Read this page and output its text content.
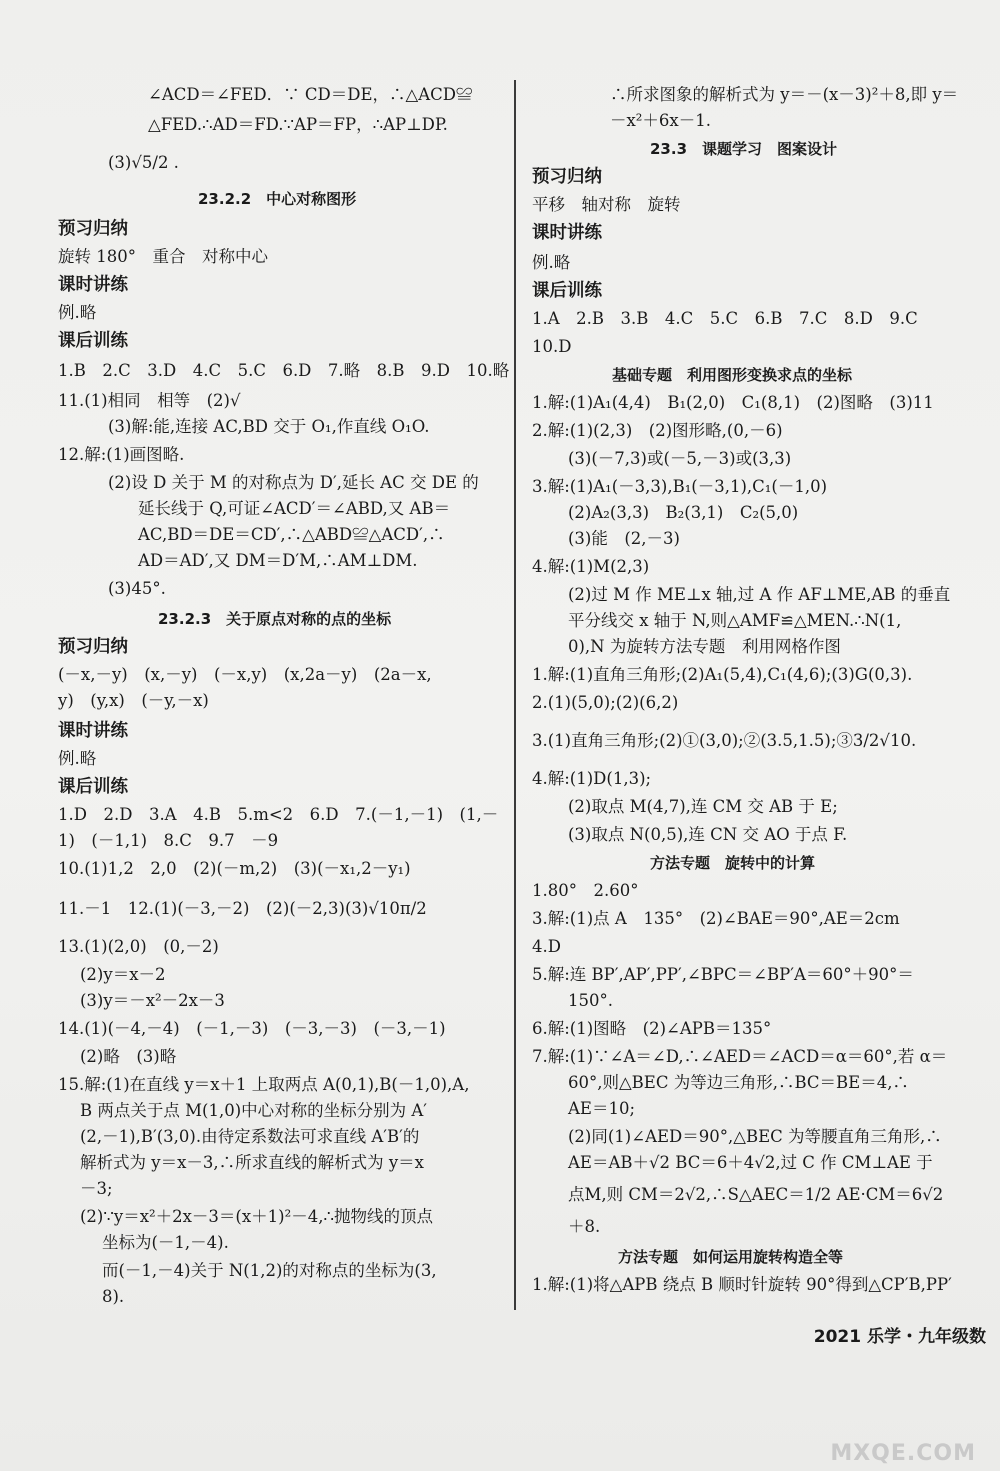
∠ACD＝∠FED．∵ CD＝DE，∴△ACD≌
△FED.∴AD＝FD.∵AP＝FP，∴AP⊥DP.
(3)√5/2 .
23.2.2　中心对称图形
预习归纳
旋转 180°　重合　对称中心
课时讲练
例.略
课后训练
1.B　2.C　3.D　4.C　5.C　6.D　7.略　8.B　9.D　10.略
11.(1)相同　相等　(2)√
(3)解:能,连接 AC,BD 交于 O₁,作直线 O₁O.
12.解:(1)画图略.
(2)设 D 关于 M 的对称点为 D′,延长 AC 交 DE 的
延长线于 Q,可证∠ACD′＝∠ABD,又 AB＝
AC,BD＝DE＝CD′,∴△ABD≌△ACD′,∴
AD＝AD′,又 DM＝D′M,∴AM⊥DM.
(3)45°.
23.2.3　关于原点对称的点的坐标
预习归纳
(－x,－y)　(x,－y)　(－x,y)　(x,2a－y)　(2a－x,
y)　(y,x)　(－y,－x)
课时讲练
例.略
课后训练
1.D　2.D　3.A　4.B　5.m<2　6.D　7.(－1,－1)　(1,－
1)　(－1,1)　8.C　9.7　－9
10.(1)1,2　2,0　(2)(－m,2)　(3)(－x₁,2－y₁)
11.－1　12.(1)(－3,－2)　(2)(－2,3)(3)√10π/2
13.(1)(2,0)　(0,－2)
(2)y＝x－2
(3)y＝－x²－2x－3
14.(1)(－4,－4)　(－1,－3)　(－3,－3)　(－3,－1)
(2)略　(3)略
15.解:(1)在直线 y＝x＋1 上取两点 A(0,1),B(－1,0),A,
B 两点关于点 M(1,0)中心对称的坐标分别为 A′
(2,－1),B′(3,0).由待定系数法可求直线 A′B′的
解析式为 y＝x－3,∴所求直线的解析式为 y＝x
－3;
(2)∵y＝x²＋2x－3＝(x＋1)²－4,∴抛物线的顶点
坐标为(－1,－4).
而(－1,－4)关于 N(1,2)的对称点的坐标为(3,
8).
∴所求图象的解析式为 y＝－(x－3)²＋8,即 y＝
－x²＋6x－1.
23.3　课题学习　图案设计
预习归纳
平移　轴对称　旋转
课时讲练
例.略
课后训练
1.A　2.B　3.B　4.C　5.C　6.B　7.C　8.D　9.C
10.D
基础专题　利用图形变换求点的坐标
1.解:(1)A₁(4,4)　B₁(2,0)　C₁(8,1)　(2)图略　(3)11
2.解:(1)(2,3)　(2)图形略,(0,－6)
(3)(－7,3)或(－5,－3)或(3,3)
3.解:(1)A₁(－3,3),B₁(－3,1),C₁(－1,0)
(2)A₂(3,3)　B₂(3,1)　C₂(5,0)
(3)能　(2,－3)
4.解:(1)M(2,3)
(2)过 M 作 ME⊥x 轴,过 A 作 AF⊥ME,AB 的垂直
平分线交 x 轴于 N,则△AMF≌△MEN.∴N(1,
0),N 为旋转方法专题　利用网格作图
1.解:(1)直角三角形;(2)A₁(5,4),C₁(4,6);(3)G(0,3).
2.(1)(5,0);(2)(6,2)
3.(1)直角三角形;(2)①(3,0);②(3.5,1.5);③3/2√10.
4.解:(1)D(1,3);
(2)取点 M(4,7),连 CM 交 AB 于 E;
(3)取点 N(0,5),连 CN 交 AO 于点 F.
方法专题　旋转中的计算
1.80°　2.60°
3.解:(1)点 A　135°　(2)∠BAE＝90°,AE＝2cm
4.D
5.解:连 BP′,AP′,PP′,∠BPC＝∠BP′A＝60°＋90°＝
150°.
6.解:(1)图略　(2)∠APB＝135°
7.解:(1)∵∠A＝∠D,∴∠AED＝∠ACD＝α＝60°,若 α＝
60°,则△BEC 为等边三角形,∴BC＝BE＝4,∴
AE＝10;
(2)同(1)∠AED＝90°,△BEC 为等腰直角三角形,∴
AE＝AB＋√2 BC＝6＋4√2,过 C 作 CM⊥AE 于
点M,则 CM＝2√2,∴S△AEC＝1/2 AE·CM＝6√2
＋8.
方法专题　如何运用旋转构造全等
1.解:(1)将△APB 绕点 B 顺时针旋转 90°得到△CP′B,PP′
2021 乐学・九年级数
MXQE.COM
